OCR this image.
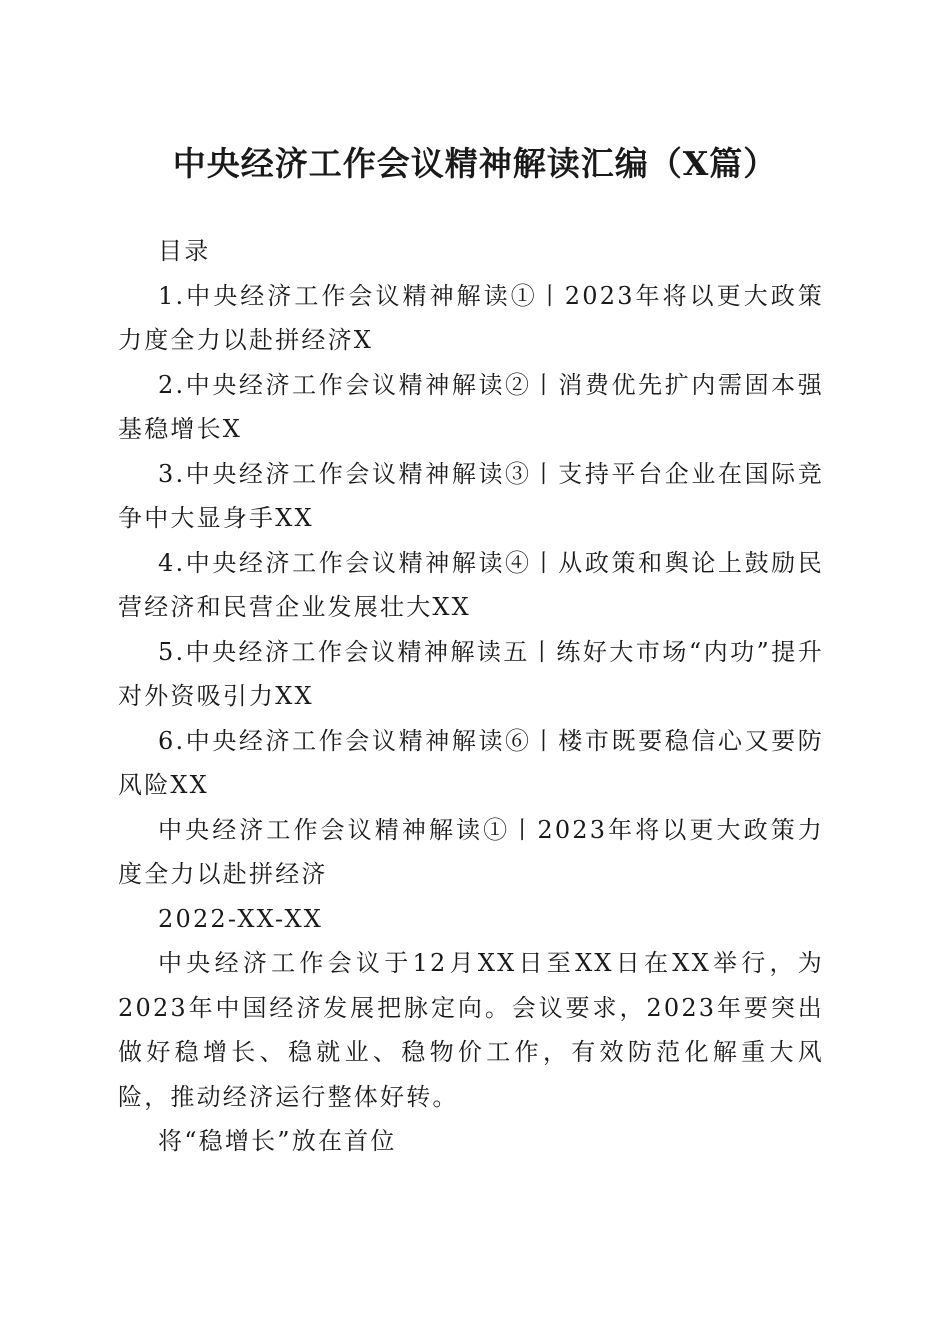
中央经济工作会议精神解读汇编（X篇）

目录

1.中央经济工作会议精神解读①丨2023年将以更大政策力度全力以赴拼经济X

2.中央经济工作会议精神解读②丨消费优先扩内需固本强基稳增长X

3.中央经济工作会议精神解读③丨支持平台企业在国际竞争中大显身手XX

4.中央经济工作会议精神解读④丨从政策和舆论上鼓励民营经济和民营企业发展壮大XX

5.中央经济工作会议精神解读五丨练好大市场“内功”提升对外资吸引力XX

6.中央经济工作会议精神解读⑥丨楼市既要稳信心又要防风险XX

中央经济工作会议精神解读①丨2023年将以更大政策力度全力以赴拼经济

2022-XX-XX

中央经济工作会议于12月XX日至XX日在XX举行，为2023年中国经济发展把脉定向。会议要求，2023年要突出做好稳增长、稳就业、稳物价工作，有效防范化解重大风险，推动经济运行整体好转。

将“稳增长”放在首位
